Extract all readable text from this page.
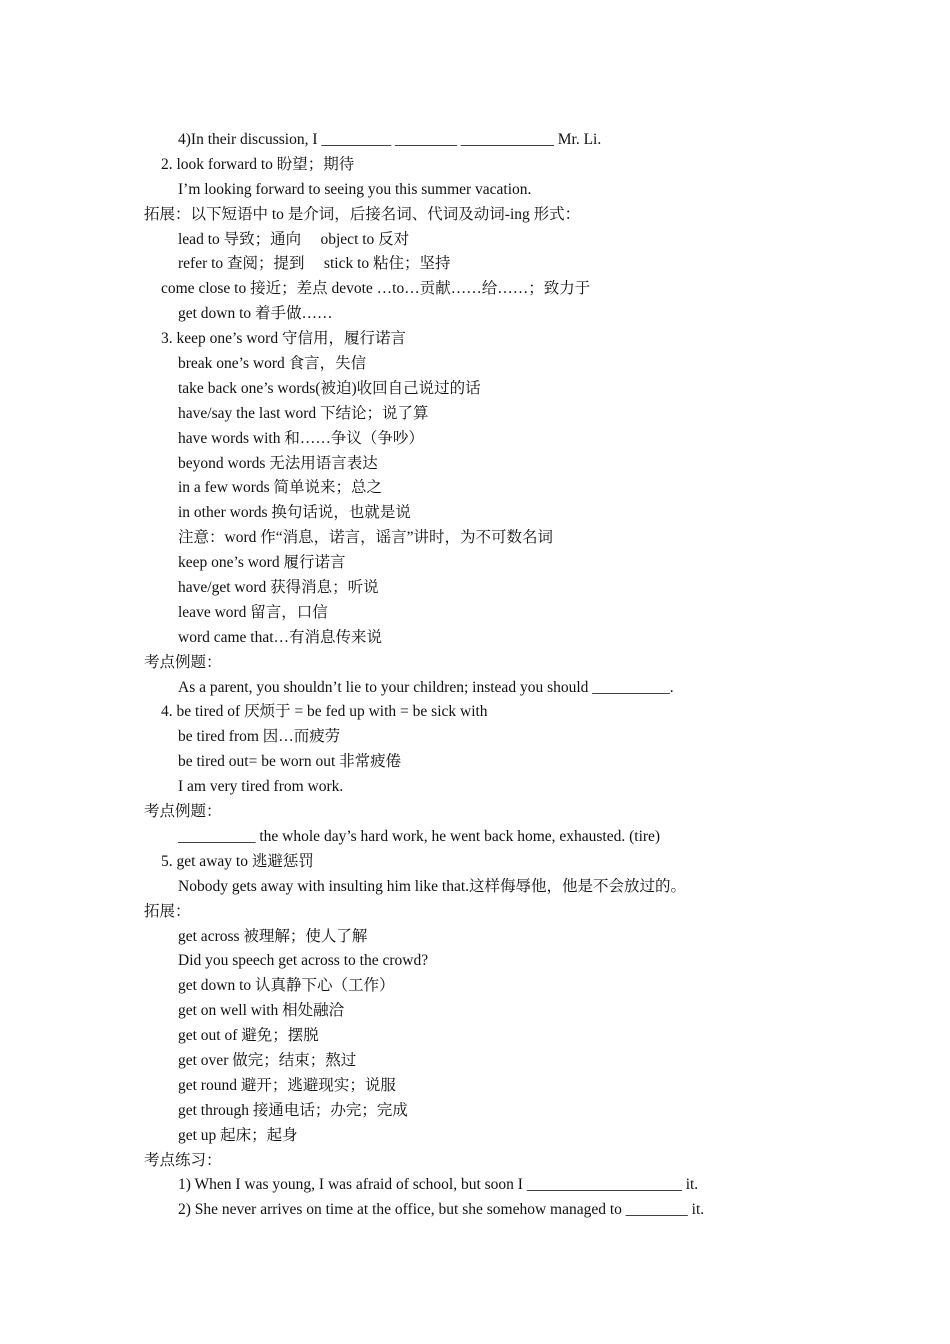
4)In their discussion, I _________ ________ ____________ Mr. Li.
2. look forward to 盼望；期待
I’m looking forward to seeing you this summer vacation.
拓展：以下短语中 to 是介词，后接名词、代词及动词-ing 形式：
lead to 导致；通向　 object to 反对
refer to 查阅；提到　 stick to 粘住；坚持
come close to 接近；差点 devote …to…贡献……给……；致力于
get down to 着手做……
3. keep one’s word 守信用，履行诺言
break one’s word 食言，失信
take back one’s words(被迫)收回自己说过的话
have/say the last word 下结论；说了算
have words with 和……争议（争吵）
beyond words 无法用语言表达
in a few words 简单说来；总之
in other words 换句话说，也就是说
注意：word 作“消息，诺言，谣言”讲时，为不可数名词
keep one’s word 履行诺言
have/get word 获得消息；听说
leave word 留言，口信
word came that…有消息传来说
考点例题：
As a parent, you shouldn’t lie to your children; instead you should __________.
4. be tired of 厌烦于 = be fed up with = be sick with
be tired from 因…而疲劳
be tired out= be worn out 非常疲倦
I am very tired from work.
考点例题：
__________ the whole day’s hard work, he went back home, exhausted. (tire)
5. get away to 逃避惩罚
Nobody gets away with insulting him like that.这样侮辱他，他是不会放过的。
拓展：
get across 被理解；使人了解
Did you speech get across to the crowd?
get down to 认真静下心（工作）
get on well with 相处融洽
get out of 避免；摆脱
get over 做完；结束；熬过
get round 避开；逃避现实；说服
get through 接通电话；办完；完成
get up 起床；起身
考点练习：
1) When I was young, I was afraid of school, but soon I ____________________ it.
2) She never arrives on time at the office, but she somehow managed to ________ it.
